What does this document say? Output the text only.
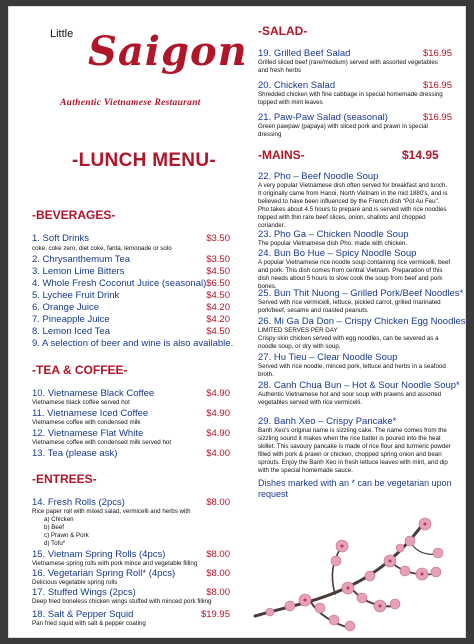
Little Saigon
Authentic Vietnamese Restaurant
-LUNCH MENU-
-BEVERAGES-
1. Soft Drinks	$3.50
coke, coke zero, diet coke, fanta, lemonade or solo
2. Chrysanthemum Tea	$3.50
3. Lemon Lime Bitters	$4.50
4. Whole Fresh Coconut Juice (seasonal) $6.50
5. Lychee Fruit Drink	$4.50
6. Orange Juice	$4.20
7. Pineapple Juice	$4.20
8. Lemon Iced Tea	$4.50
9. A selection of beer and wine is also available.
-TEA & COFFEE-
10. Vietnamese Black Coffee	$4.90
Vietnamese black coffee served hot
11. Vietnamese Iced Coffee	$4.90
Vietnamese coffee with condensed milk
12. Vietnamese Flat White	$4.90
Vietnamese coffee with condensed milk served hot
13. Tea (please ask)	$4.00
-ENTREES-
14. Fresh Rolls (2pcs)	$8.00
Rice paper roll with mixed salad, vermicelli and herbs with
a) Chicken
b) Beef
c) Prawn & Pork
d) Tofu*
15. Vietnam Spring Rolls (4pcs)	$8.00
Vietnamese spring rolls with pork mince and vegetable filling
16. Vegetarian Spring Roll* (4pcs)	$8.00
Delicious vegetable spring rolls
17. Stuffed Wings (2pcs)	$8.00
Deep fried boneless chicken wings stuffed with minced pork filling
18. Salt & Pepper Squid	$19.95
Pan fried squid with salt & pepper coating
-SALAD-
19. Grilled Beef Salad	$16.95
Grilled sliced beef (rare/medium) served with assorted vegetables and fresh herbs
20. Chicken Salad	$16.95
Shredded chicken with fine cabbage in special homemade dressing topped with mint leaves
21. Paw-Paw Salad (seasonal)	$16.95
Green pawpaw (papaya) with sliced pork and prawn in special dressing
-MAINS-	$14.95
22. Pho – Beef Noodle Soup
A very popular Vietnamese dish often served for breakfast and lunch. It originally came from Hanoi, North Vietnam in the mid 1880's, and is believed to have been influenced by the French dish "Pot Au Feu". Pho takes about 4.5 hours to prepare and is served with rice noodles topped with thin rare beef slices, onion, shallots and chopped coriander.
23. Pho Ga – Chicken Noodle Soup
The popular Vietnamese dish Pho; made with chicken.
24. Bun Bo Hue – Spicy Noodle Soup
A popular Vietnamese rice noodle soup containing rice vermicelli, beef and pork. This dish comes from central Vietnam. Preparation of this dish needs about 5 hours to slow cook the soup from beef and pork bones.
25. Bun Thit Nuong – Grilled Pork/Beef Noodles*
Served with rice vermicelli, lettuce, pickled carrot, grilled marinated pork/beef, sesame and roasted peanuts.
26. Mi Ga Da Don – Crispy Chicken Egg Noodles
LIMITED SERVES PER DAY
Crispy skin chicken served with egg noodles, can be severed as a noodle soup, or dry with soup.
27. Hu Tieu – Clear Noodle Soup
Served with rice noodle, minced pork, lettuce and herbs in a seafood broth.
28. Canh Chua Bun – Hot & Sour Noodle Soup*
Authentic Vietnamese hot and sour soup with prawns and assorted vegetables served with rice vermicelli.
29. Banh Xeo – Crispy Pancake*
Banh Xeo's original name is sizzling cake. The name comes from the sizzling sound it makes when the rice batter is poured into the heat skillet. This savoury pancake is made of rice flour and turmeric powder filled with pork & prawn or chicken, chopped spring onion and bean sprouts. Enjoy the Banh Xeo in fresh lettuce leaves with mint, and dip with the special homemade sauce.
Dishes marked with an * can be vegetarian upon request
